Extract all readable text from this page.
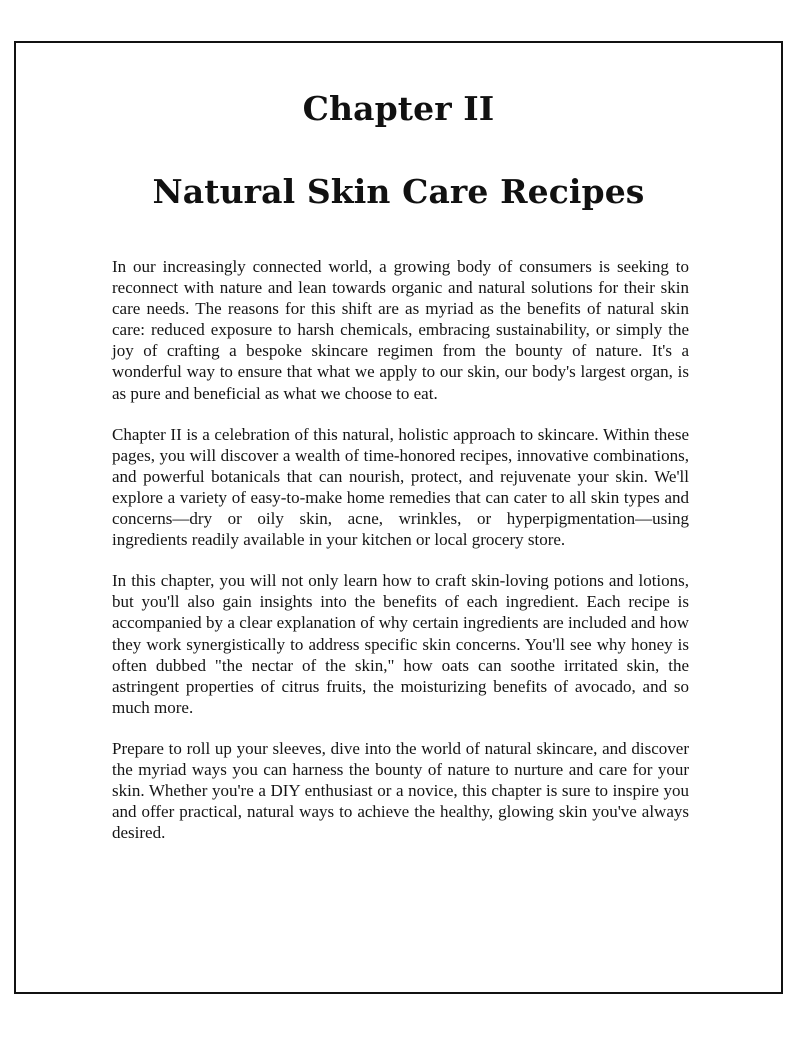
Chapter II
Natural Skin Care Recipes

In our increasingly connected world, a growing body of consumers is seeking to reconnect with nature and lean towards organic and natural solutions for their skin care needs. The reasons for this shift are as myriad as the benefits of natural skin care: reduced exposure to harsh chemicals, embracing sustainability, or simply the joy of crafting a bespoke skincare regimen from the bounty of nature. It's a wonderful way to ensure that what we apply to our skin, our body's largest organ, is as pure and beneficial as what we choose to eat.

Chapter II is a celebration of this natural, holistic approach to skincare. Within these pages, you will discover a wealth of time-honored recipes, innovative combinations, and powerful botanicals that can nourish, protect, and rejuvenate your skin. We'll explore a variety of easy-to-make home remedies that can cater to all skin types and concerns—dry or oily skin, acne, wrinkles, or hyperpigmentation—using ingredients readily available in your kitchen or local grocery store.

In this chapter, you will not only learn how to craft skin-loving potions and lotions, but you'll also gain insights into the benefits of each ingredient. Each recipe is accompanied by a clear explanation of why certain ingredients are included and how they work synergistically to address specific skin concerns. You'll see why honey is often dubbed "the nectar of the skin," how oats can soothe irritated skin, the astringent properties of citrus fruits, the moisturizing benefits of avocado, and so much more.

Prepare to roll up your sleeves, dive into the world of natural skincare, and discover the myriad ways you can harness the bounty of nature to nurture and care for your skin. Whether you're a DIY enthusiast or a novice, this chapter is sure to inspire you and offer practical, natural ways to achieve the healthy, glowing skin you've always desired.
